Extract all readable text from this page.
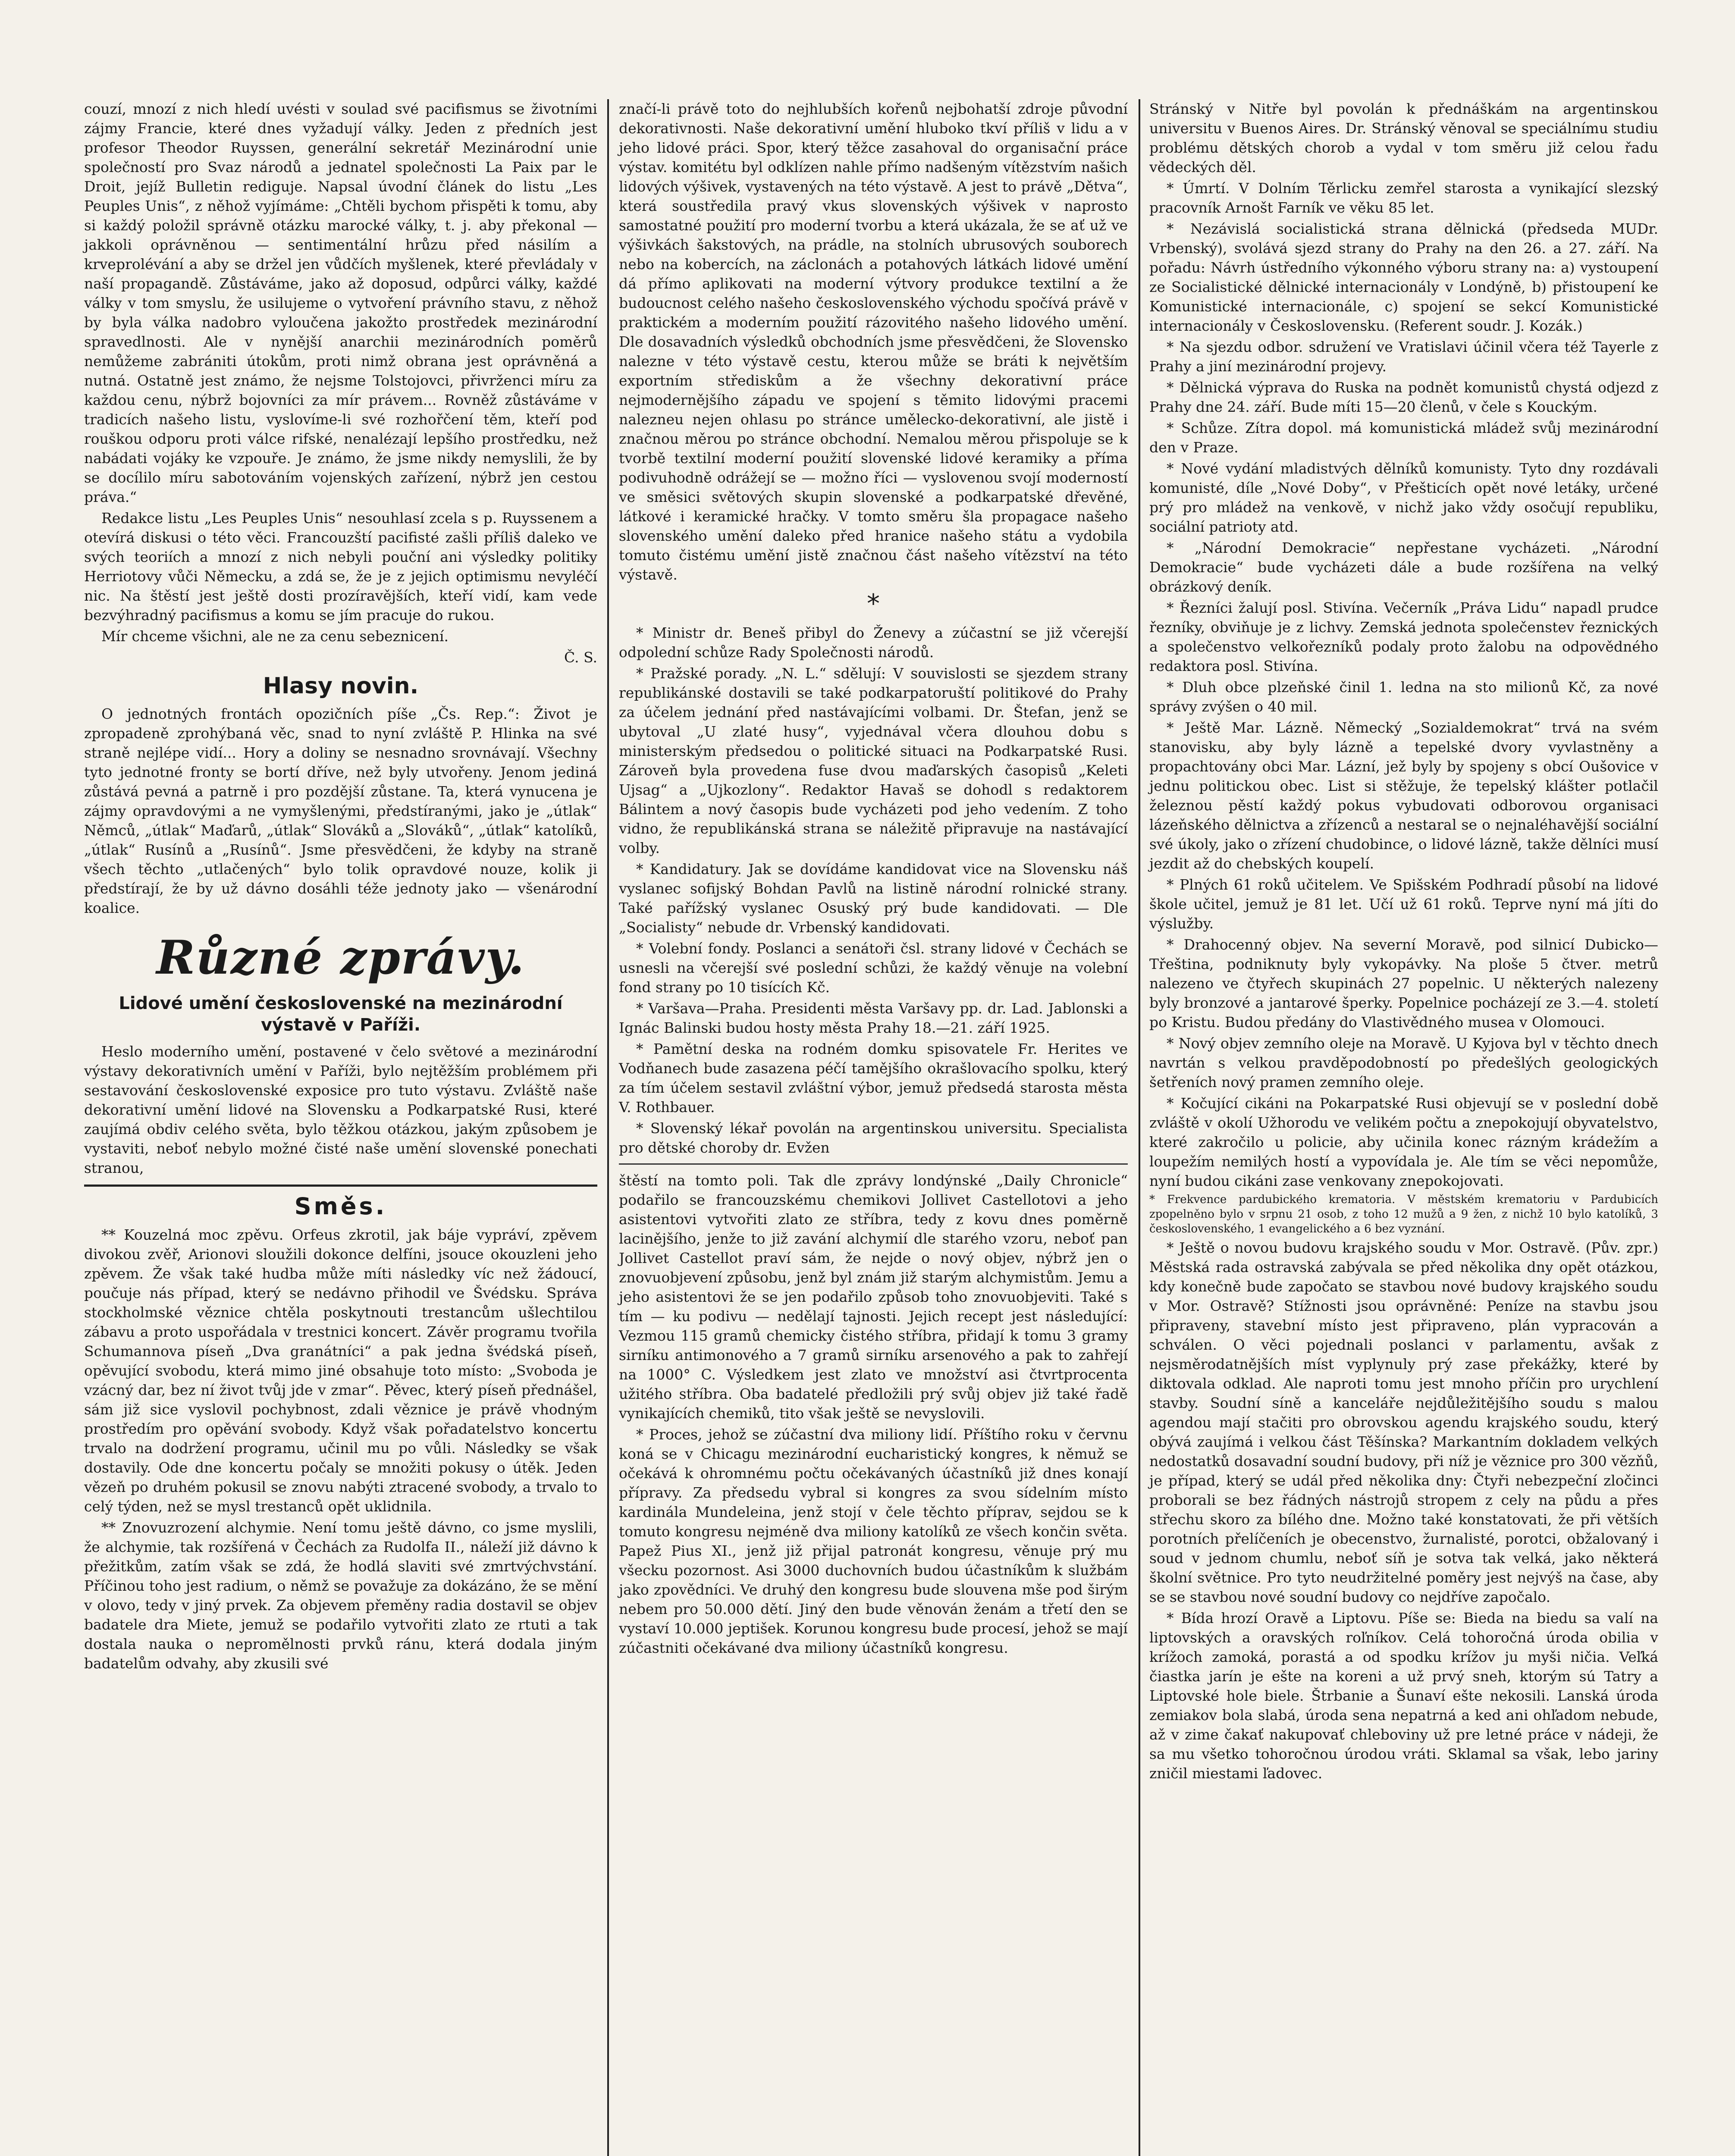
couzí, mnozí z nich hledí uvésti v soulad své pacifismus se životními zájmy Francie, které dnes vyžadují války. Jeden z předních jest profesor Theodor Ruyssen, generální sekretář Mezinárodní unie společností pro Svaz národů a jednatel společnosti La Paix par le Droit, jejíž Bulletin rediguje. Napsal úvodní článek do listu „Les Peuples Unis“, z něhož vyjímáme: „Chtěli bychom přispěti k tomu, aby si každý položil správně otázku marocké války, t. j. aby překonal — jakkoli oprávněnou — sentimentální hrůzu před násilím a krveprolévání a aby se držel jen vůdčích myšlenek, které převládaly v naší propagandě. Zůstáváme, jako až doposud, odpůrci války, každé války v tom smyslu, že usilujeme o vytvoření právního stavu, z něhož by byla válka nadobro vyloučena jakožto prostředek mezinárodní spravedlnosti. Ale v nynější anarchii mezinárodních poměrů nemůžeme zabrániti útokům, proti nimž obrana jest oprávněná a nutná. Ostatně jest známo, že nejsme Tolstojovci, přivrženci míru za každou cenu, nýbrž bojovníci za mír právem... Rovněž zůstáváme v tradicích našeho listu, vyslovíme-li své rozhořčení těm, kteří pod rouškou odporu proti válce rifské, nenalézají lepšího prostředku, než nabádati vojáky ke vzpouře. Je známo, že jsme nikdy nemyslili, že by se docílilo míru sabotováním vojenských zařízení, nýbrž jen cestou práva.“

Redakce listu „Les Peuples Unis“ nesouhlasí zcela s p. Ruyssenem a otevírá diskusi o této věci. Francouzští pacifisté zašli příliš daleko ve svých teoriích a mnozí z nich nebyli pouční ani výsledky politiky Herriotovy vůči Německu, a zdá se, že je z jejich optimismu nevyléčí nic. Na štěstí jest ještě dosti prozíravějších, kteří vidí, kam vede bezvýhradný pacifismus a komu se jím pracuje do rukou.

Mír chceme všichni, ale ne za cenu sebeznicení.

Č. S.

Hlasy novin.

O jednotných frontách opozičních píše „Čs. Rep.“: Život je zpropadeně zprohýbaná věc, snad to nyní zvláště P. Hlinka na své straně nejlépe vidí... Hory a doliny se nesnadno srovnávají. Všechny tyto jednotné fronty se bortí dříve, než byly utvořeny. Jenom jediná zůstává pevná a patrně i pro pozdější zůstane. Ta, která vynucena je zájmy opravdovými a ne vymyšlenými, předstíranými, jako je „útlak“ Němců, „útlak“ Maďarů, „útlak“ Slováků a „Slováků“, „útlak“ katolíků, „útlak“ Rusínů a „Rusínů“. Jsme přesvědčeni, že kdyby na straně všech těchto „utlačených“ bylo tolik opravdové nouze, kolik ji předstírají, že by už dávno dosáhli téže jednoty jako — všenárodní koalice.

Různé zprávy.
Lidové umění československé na mezinárodní výstavě v Paříži.

Heslo moderního umění, postavené v čelo světové a mezinárodní výstavy dekorativních umění v Paříži, bylo nejtěžším problémem při sestavování československé exposice pro tuto výstavu. Zvláště naše dekorativní umění lidové na Slovensku a Podkarpatské Rusi, které zaujímá obdiv celého světa, bylo těžkou otázkou, jakým způsobem je vystaviti, neboť nebylo možné čisté naše umění slovenské ponechati stranou,

Směs.

** Kouzelná moc zpěvu. Orfeus zkrotil, jak báje vypráví, zpěvem divokou zvěř, Arionovi sloužili dokonce delfíni, jsouce okouzleni jeho zpěvem. Že však také hudba může míti následky víc než žádoucí, poučuje nás případ, který se nedávno přihodil ve Švédsku. Správa stockholmské věznice chtěla poskytnouti trestancům ušlechtilou zábavu a proto uspořádala v trestnici koncert. Závěr programu tvořila Schumannova píseň „Dva granátníci“ a pak jedna švédská píseň, opěvující svobodu, která mimo jiné obsahuje toto místo: „Svoboda je vzácný dar, bez ní život tvůj jde v zmar“. Pěvec, který píseň přednášel, sám již sice vyslovil pochybnost, zdali věznice je právě vhodným prostředím pro opěvání svobody. Když však pořadatelstvo koncertu trvalo na dodržení programu, učinil mu po vůli. Následky se však dostavily. Ode dne koncertu počaly se množiti pokusy o útěk. Jeden vězeň po druhém pokusil se znovu nabýti ztracené svobody, a trvalo to celý týden, než se mysl trestanců opět uklidnila.

** Znovuzrození alchymie. Není tomu ještě dávno, co jsme myslili, že alchymie, tak rozšířená v Čechách za Rudolfa II., náleží již dávno k přežitkům, zatím však se zdá, že hodlá slaviti své zmrtvýchvstání. Příčinou toho jest radium, o němž se považuje za dokázáno, že se mění v olovo, tedy v jiný prvek. Za objevem přeměny radia dostavil se objev badatele dra Miete, jemuž se podařilo vytvořiti zlato ze rtuti a tak dostala nauka o nepromělnosti prvků ránu, která dodala jiným badatelům odvahy, aby zkusili své

značí-li právě toto do nejhlubších kořenů nejbohatší zdroje původní dekorativnosti. Naše dekorativní umění hluboko tkví příliš v lidu a v jeho lidové práci. Spor, který těžce zasahoval do organisační práce výstav. komitétu byl odklízen nahle přímo nadšeným vítězstvím našich lidových výšivek, vystavených na této výstavě. A jest to právě „Dětva“, která soustředila pravý vkus slovenských výšivek v naprosto samostatné použití pro moderní tvorbu a která ukázala, že se ať už ve výšivkách šakstových, na prádle, na stolních ubrusových souborech nebo na kobercích, na záclonách a potahových látkách lidové umění dá přímo aplikovati na moderní výtvory produkce textilní a že budoucnost celého našeho československého východu spočívá právě v praktickém a moderním použití rázovitého našeho lidového umění. Dle dosavadních výsledků obchodních jsme přesvědčeni, že Slovensko nalezne v této výstavě cestu, kterou může se bráti k největším exportním střediskům a že všechny dekorativní práce nejmodernějšího západu ve spojení s těmito lidovými pracemi nalezneu nejen ohlasu po stránce umělecko-dekorativní, ale jistě i značnou měrou po stránce obchodní. Nemalou měrou přispoluje se k tvorbě textilní moderní použití slovenské lidové keramiky a příma podivuhodně odrážejí se — možno říci — vyslovenou svojí moderností ve směsici světových skupin slovenské a podkarpatské dřevěné, látkové i keramické hračky. V tomto směru šla propagace našeho slovenského umění daleko před hranice našeho státu a vydobila tomuto čistému umění jistě značnou část našeho vítězství na této výstavě.

*

* Ministr dr. Beneš přibyl do Ženevy a zúčastní se již včerejší odpolední schůze Rady Společnosti národů.

* Pražské porady. „N. L.“ sdělují: V souvislosti se sjezdem strany republikánské dostavili se také podkarpatoruští politikové do Prahy za účelem jednání před nastávajícími volbami. Dr. Štefan, jenž se ubytoval „U zlaté husy“, vyjednával včera dlouhou dobu s ministerským předsedou o politické situaci na Podkarpatské Rusi. Zároveň byla provedena fuse dvou maďarských časopisů „Keleti Ujsag“ a „Ujkozlony“. Redaktor Havaš se dohodl s redaktorem Bálintem a nový časopis bude vycházeti pod jeho vedením. Z toho vidno, že republikánská strana se náležitě připravuje na nastávající volby.

* Kandidatury. Jak se dovídáme kandidovat vice na Slovensku náš vyslanec sofijský Bohdan Pavlů na listině národní rolnické strany. Také pařížský vyslanec Osuský prý bude kandidovati. — Dle „Socialisty“ nebude dr. Vrbenský kandidovati.

* Volební fondy. Poslanci a senátoři čsl. strany lidové v Čechách se usnesli na včerejší své poslední schůzi, že každý věnuje na volební fond strany po 10 tisících Kč.

* Varšava—Praha. Presidenti města Varšavy pp. dr. Lad. Jablonski a Ignác Balinski budou hosty města Prahy 18.—21. září 1925.

* Pamětní deska na rodném domku spisovatele Fr. Herites ve Vodňanech bude zasazena péčí tamějšího okrašlovacího spolku, který za tím účelem sestavil zvláštní výbor, jemuž předsedá starosta města V. Rothbauer.

* Slovenský lékař povolán na argentinskou universitu. Specialista pro dětské choroby dr. Evžen

štěstí na tomto poli. Tak dle zprávy londýnské „Daily Chronicle“ podařilo se francouzskému chemikovi Jollivet Castellotovi a jeho asistentovi vytvořiti zlato ze stříbra, tedy z kovu dnes poměrně lacinějšího, jenže to již zavání alchymií dle starého vzoru, neboť pan Jollivet Castellot praví sám, že nejde o nový objev, nýbrž jen o znovuobjevení způsobu, jenž byl znám již starým alchymistům. Jemu a jeho asistentovi že se jen podařilo způsob toho znovuobjeviti. Také s tím — ku podivu — nedělají tajnosti. Jejich recept jest následující: Vezmou 115 gramů chemicky čistého stříbra, přidají k tomu 3 gramy sirníku antimonového a 7 gramů sirníku arsenového a pak to zahřejí na 1000° C. Výsledkem jest zlato ve množství asi čtvrtprocenta užitého stříbra. Oba badatelé předložili prý svůj objev již také řadě vynikajících chemiků, tito však ještě se nevyslovili.

* Proces, jehož se zúčastní dva miliony lidí. Příštího roku v červnu koná se v Chicagu mezinárodní eucharistický kongres, k němuž se očekává k ohromnému počtu očekávaných účastníků již dnes konají přípravy. Za předsedu vybral si kongres za svou sídelním místo kardinála Mundeleina, jenž stojí v čele těchto příprav, sejdou se k tomuto kongresu nejméně dva miliony katolíků ze všech končin světa. Papež Pius XI., jenž již přijal patronát kongresu, věnuje prý mu všecku pozornost. Asi 3000 duchovních budou účastníkům k službám jako zpovědníci. Ve druhý den kongresu bude slouvena mše pod širým nebem pro 50.000 dětí. Jiný den bude věnován ženám a třetí den se vystaví 10.000 jeptišek. Korunou kongresu bude procesí, jehož se mají zúčastniti očekávané dva miliony účastníků kongresu.

Stránský v Nitře byl povolán k přednáškám na argentinskou universitu v Buenos Aires. Dr. Stránský věnoval se speciálnímu studiu problému dětských chorob a vydal v tom směru již celou řadu vědeckých děl.

* Úmrtí. V Dolním Těrlicku zemřel starosta a vynikající slezský pracovník Arnošt Farník ve věku 85 let.

* Nezávislá socialistická strana dělnická (předseda MUDr. Vrbenský), svolává sjezd strany do Prahy na den 26. a 27. září. Na pořadu: Návrh ústředního výkonného výboru strany na: a) vystoupení ze Socialistické dělnické internacionály v Londýně, b) přistoupení ke Komunistické internacionále, c) spojení se sekcí Komunistické internacionály v Československu. (Referent soudr. J. Kozák.)

* Na sjezdu odbor. sdružení ve Vratislavi účinil včera též Tayerle z Prahy a jiní mezinárodní projevy.

* Dělnická výprava do Ruska na podnět komunistů chystá odjezd z Prahy dne 24. září. Bude míti 15—20 členů, v čele s Kouckým.

* Schůze. Zítra dopol. má komunistická mládež svůj mezinárodní den v Praze.

* Nové vydání mladistvých dělníků komunisty. Tyto dny rozdávali komunisté, díle „Nové Doby“, v Přešticích opět nové letáky, určené prý pro mládež na venkově, v nichž jako vždy osočují republiku, sociální patrioty atd.

* „Národní Demokracie“ nepřestane vycházeti. „Národní Demokracie“ bude vycházeti dále a bude rozšířena na velký obrázkový deník.

* Řezníci žalují posl. Stivína. Večerník „Práva Lidu“ napadl prudce řezníky, obviňuje je z lichvy. Zemská jednota společenstev řeznických a společenstvo velkořezníků podaly proto žalobu na odpovědného redaktora posl. Stivína.

* Dluh obce plzeňské činil 1. ledna na sto milionů Kč, za nové správy zvýšen o 40 mil.

* Ještě Mar. Lázně. Německý „Sozialdemokrat“ trvá na svém stanovisku, aby byly lázně a tepelské dvory vyvlastněny a propachtovány obci Mar. Lázní, jež byly by spojeny s obcí Oušovice v jednu politickou obec. List si stěžuje, že tepelský klášter potlačil železnou pěstí každý pokus vybudovati odborovou organisaci lázeňského dělnictva a zřízenců a nestaral se o nejnaléhavější sociální své úkoly, jako o zřízení chudobince, o lidové lázně, takže dělníci musí jezdit až do chebských koupelí.

* Plných 61 roků učitelem. Ve Spišském Podhradí působí na lidové škole učitel, jemuž je 81 let. Učí už 61 roků. Teprve nyní má jíti do výslužby.

* Drahocenný objev. Na severní Moravě, pod silnicí Dubicko—Třeština, podniknuty byly vykopávky. Na ploše 5 čtver. metrů nalezeno ve čtyřech skupinách 27 popelnic. U některých nalezeny byly bronzové a jantarové šperky. Popelnice pocházejí ze 3.—4. století po Kristu. Budou předány do Vlastivědného musea v Olomouci.

* Nový objev zemního oleje na Moravě. U Kyjova byl v těchto dnech navrtán s velkou pravděpodobností po předešlých geologických šetřeních nový pramen zemního oleje.

* Kočující cikáni na Pokarpatské Rusi objevují se v poslední době zvláště v okolí Užhorodu ve velikém počtu a znepokojují obyvatelstvo, které zakročilo u policie, aby učinila konec rázným krádežím a loupežím nemilých hostí a vypovídala je. Ale tím se věci nepomůže, nyní budou cikáni zase venkovany znepokojovati.

* Frekvence pardubického krematoria. V městském krematoriu v Pardubicích zpopelněno bylo v srpnu 21 osob, z toho 12 mužů a 9 žen, z nichž 10 bylo katolíků, 3 československého, 1 evangelického a 6 bez vyznání.

* Ještě o novou budovu krajského soudu v Mor. Ostravě. (Pův. zpr.) Městská rada ostravská zabývala se před několika dny opět otázkou, kdy konečně bude započato se stavbou nové budovy krajského soudu v Mor. Ostravě? Stížnosti jsou oprávněné: Peníze na stavbu jsou připraveny, stavební místo jest připraveno, plán vypracován a schválen. O věci pojednali poslanci v parlamentu, avšak z nejsměrodatnějších míst vyplynuly prý zase překážky, které by diktovala odklad. Ale naproti tomu jest mnoho příčin pro urychlení stavby. Soudní síně a kanceláře nejdůležitějšího soudu s malou agendou mají stačiti pro obrovskou agendu krajského soudu, který obývá zaujímá i velkou část Těšínska? Markantním dokladem velkých nedostatků dosavadní soudní budovy, při níž je věznice pro 300 vězňů, je případ, který se udál před několika dny: Čtyři nebezpeční zločinci proborali se bez řádných nástrojů stropem z cely na půdu a přes střechu skoro za bílého dne. Možno také konstatovati, že při větších porotních přelíčeních je obecenstvo, žurnalisté, porotci, obžalovaný i soud v jednom chumlu, neboť síň je sotva tak velká, jako některá školní světnice. Pro tyto neudržitelné poměry jest nejvýš na čase, aby se se stavbou nové soudní budovy co nejdříve započalo.

* Bída hrozí Oravě a Liptovu. Píše se: Bieda na biedu sa valí na liptovských a oravských roľníkov. Celá tohoročná úroda obilia v krížoch zamoká, porastá a od spodku krížov ju myši ničia. Veľká čiastka jarín je ešte na koreni a už prvý sneh, ktorým sú Tatry a Liptovské hole biele. Štrbanie a Šunaví ešte nekosili. Lanská úroda zemiakov bola slabá, úroda sena nepatrná a ked ani ohľadom nebude, až v zime čakať nakupovať chleboviny už pre letné práce v nádeji, že sa mu všetko tohoročnou úrodou vráti. Sklamal sa však, lebo jariny zničil miestami ľadovec.
